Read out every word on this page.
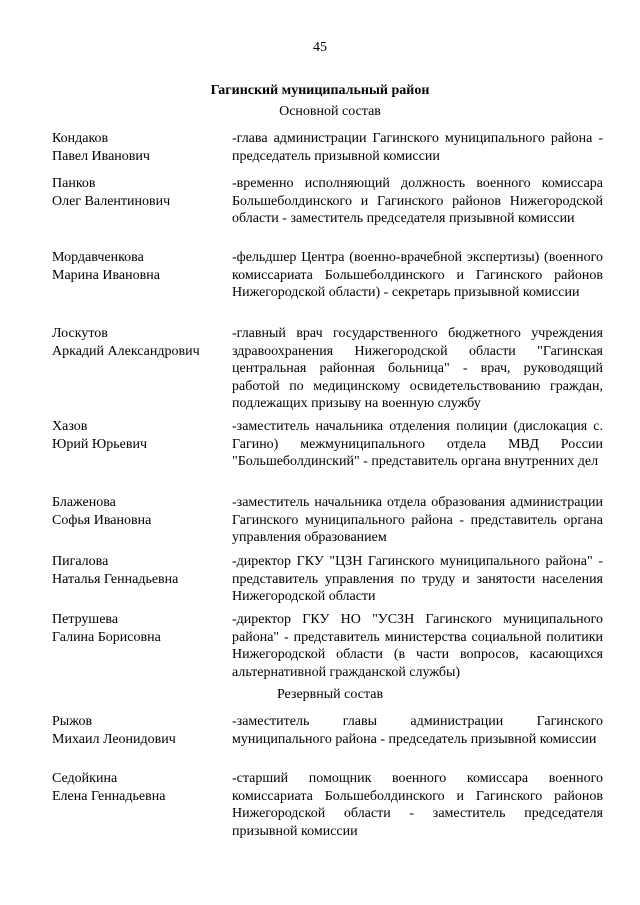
45
Гагинский муниципальный район
Основной состав
Кондаков
Павел Иванович
-глава администрации Гагинского муниципального района - председатель призывной комиссии
Панков
Олег Валентинович
-временно исполняющий должность военного комиссара Большеболдинского и Гагинского районов Нижегородской области - заместитель председателя призывной комиссии
Мордавченкова
Марина Ивановна
-фельдшер Центра (военно-врачебной экспертизы) (военного комиссариата Большеболдинского и Гагинского районов Нижегородской области) - секретарь призывной комиссии
Лоскутов
Аркадий Александрович
-главный врач государственного бюджетного учреждения здравоохранения Нижегородской области "Гагинская центральная районная больница" - врач, руководящий работой по медицинскому освидетельствованию граждан, подлежащих призыву на военную службу
Хазов
Юрий Юрьевич
-заместитель начальника отделения полиции (дислокация с. Гагино) межмуниципального отдела МВД России "Большеболдинский" - представитель органа внутренних дел
Блаженова
Софья Ивановна
-заместитель начальника отдела образования администрации Гагинского муниципального района - представитель органа управления образованием
Пигалова
Наталья Геннадьевна
-директор ГКУ "ЦЗН Гагинского муниципального района" - представитель управления по труду и занятости населения Нижегородской области
Петрушева
Галина Борисовна
-директор ГКУ НО "УСЗН Гагинского муниципального района" - представитель министерства социальной политики Нижегородской области (в части вопросов, касающихся альтернативной гражданской службы)
Резервный состав
Рыжов
Михаил Леонидович
-заместитель главы администрации Гагинского муниципального района - председатель призывной комиссии
Седойкина
Елена Геннадьевна
-старший помощник военного комиссара военного комиссариата Большеболдинского и Гагинского районов Нижегородской области - заместитель председателя призывной комиссии
